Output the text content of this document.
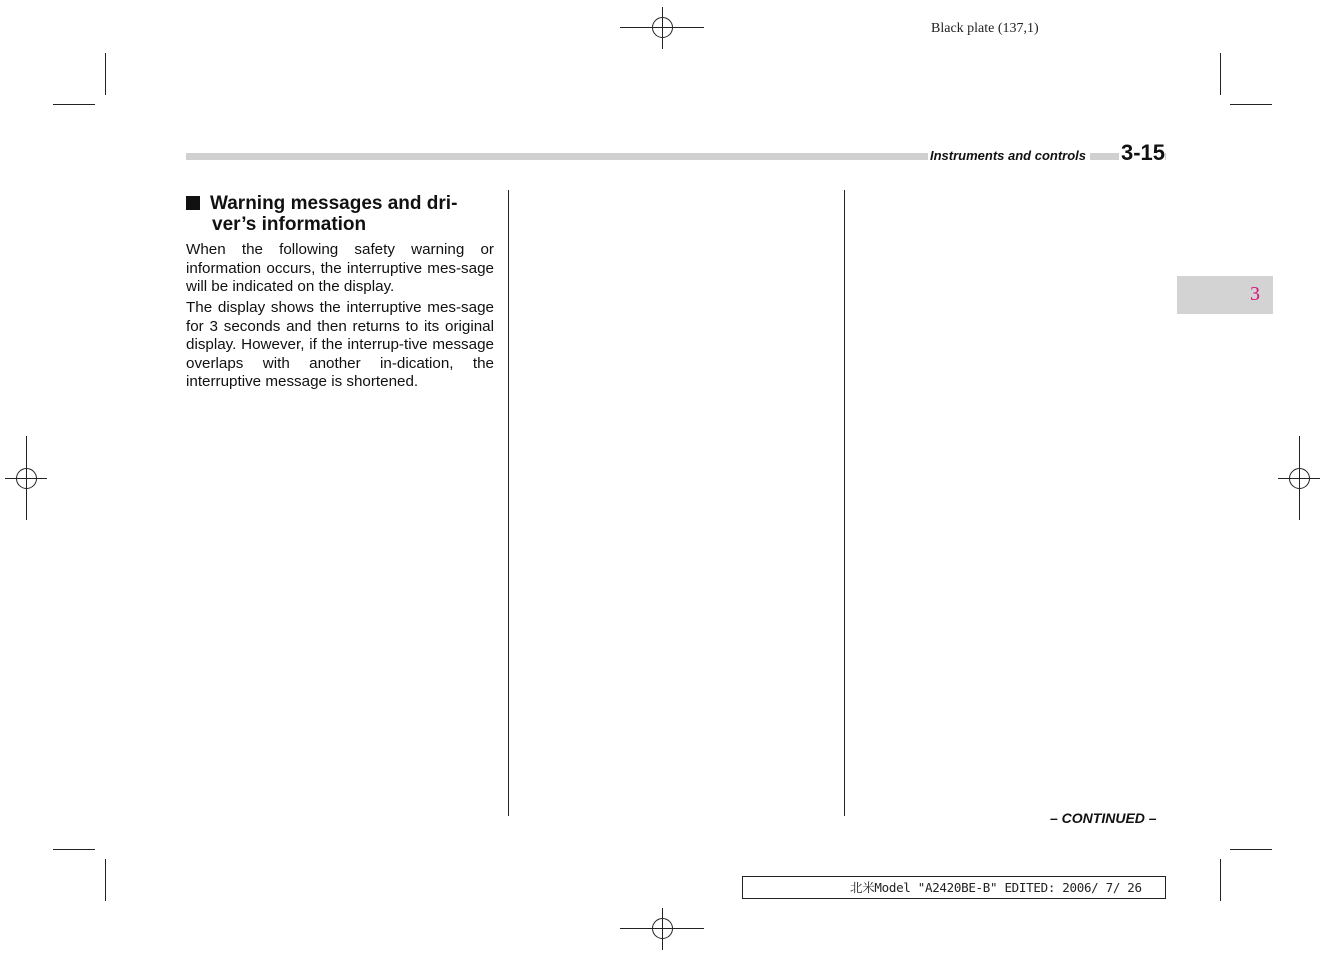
Black plate (137,1)
Instruments and controls 3-15
3
Warning messages and dri-
ver’s information

When the following safety warning or information occurs, the interruptive mes-sage will be indicated on the display.

The display shows the interruptive mes-sage for 3 seconds and then returns to its original display. However, if the interrup-tive message overlaps with another in-dication, the interruptive message is shortened.

– CONTINUED –
北米Model "A2420BE-B" EDITED: 2006/ 7/ 26
